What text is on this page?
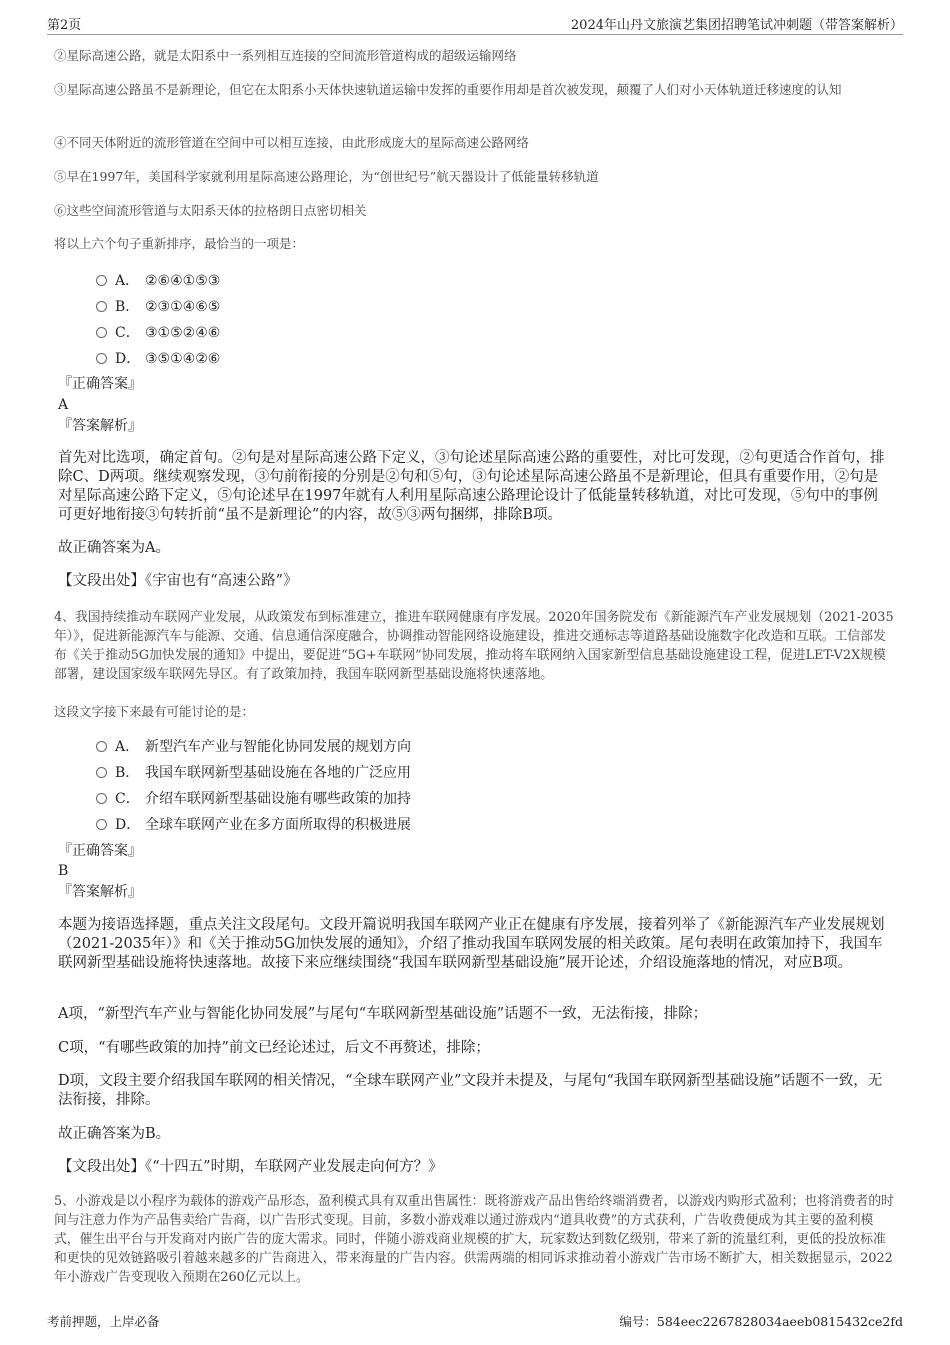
第2页	2024年山丹文旅演艺集团招聘笔试冲刺题（带答案解析）
②星际高速公路，就是太阳系中一系列相互连接的空间流形管道构成的超级运输网络
③星际高速公路虽不是新理论，但它在太阳系小天体快速轨道运输中发挥的重要作用却是首次被发现，颠覆了人们对小天体轨道迁移速度的认知
④不同天体附近的流形管道在空间中可以相互连接，由此形成庞大的星际高速公路网络
⑤早在1997年，美国科学家就利用星际高速公路理论，为“创世纪号”航天器设计了低能量转移轨道
⑥这些空间流形管道与太阳系天体的拉格朗日点密切相关
将以上六个句子重新排序，最恰当的一项是：
A． ②⑥④①⑤③
B． ②③①④⑥⑤
C． ③①⑤②④⑥
D． ③⑤①④②⑥
『正确答案』
A
『答案解析』
首先对比选项，确定首句。②句是对星际高速公路下定义，③句论述星际高速公路的重要性，对比可发现，②句更适合作首句，排除C、D两项。继续观察发现，③句前衔接的分别是②句和⑤句，③句论述星际高速公路虽不是新理论，但具有重要作用，②句是对星际高速公路下定义，⑤句论述早在1997年就有人利用星际高速公路理论设计了低能量转移轨道，对比可发现，⑤句中的事例可更好地衔接③句转折前“虽不是新理论”的内容，故⑤③两句捆绑，排除B项。
故正确答案为A。
【文段出处】《宇宙也有“高速公路”》
4、我国持续推动车联网产业发展，从政策发布到标准建立，推进车联网健康有序发展。2020年国务院发布《新能源汽车产业发展规划（2021-2035年）》，促进新能源汽车与能源、交通、信息通信深度融合，协调推动智能网络设施建设，推进交通标志等道路基础设施数字化改造和互联。工信部发布《关于推动5G加快发展的通知》中提出，要促进“5G+车联网”协同发展，推动将车联网纳入国家新型信息基础设施建设工程，促进LET-V2X规模部署，建设国家级车联网先导区。有了政策加持，我国车联网新型基础设施将快速落地。
这段文字接下来最有可能讨论的是：
A． 新型汽车产业与智能化协同发展的规划方向
B． 我国车联网新型基础设施在各地的广泛应用
C． 介绍车联网新型基础设施有哪些政策的加持
D． 全球车联网产业在多方面所取得的积极进展
『正确答案』
B
『答案解析』
本题为接语选择题，重点关注文段尾句。文段开篇说明我国车联网产业正在健康有序发展，接着列举了《新能源汽车产业发展规划（2021-2035年）》和《关于推动5G加快发展的通知》，介绍了推动我国车联网发展的相关政策。尾句表明在政策加持下，我国车联网新型基础设施将快速落地。故接下来应继续围绕“我国车联网新型基础设施”展开论述，介绍设施落地的情况，对应B项。
A项，“新型汽车产业与智能化协同发展”与尾句“车联网新型基础设施”话题不一致，无法衔接，排除；
C项，“有哪些政策的加持”前文已经论述过，后文不再赘述，排除；
D项，文段主要介绍我国车联网的相关情况，“全球车联网产业”文段并未提及，与尾句“我国车联网新型基础设施”话题不一致，无法衔接，排除。
故正确答案为B。
【文段出处】《“十四五”时期，车联网产业发展走向何方？》
5、小游戏是以小程序为载体的游戏产品形态，盈利模式具有双重出售属性：既将游戏产品出售给终端消费者，以游戏内购形式盈利；也将消费者的时间与注意力作为产品售卖给广告商，以广告形式变现。目前，多数小游戏难以通过游戏内“道具收费”的方式获利，广告收费便成为其主要的盈利模式，催生出平台与开发商对内嵌广告的庞大需求。同时，伴随小游戏商业规模的扩大，玩家数达到数亿级别，带来了新的流量红利，更低的投放标准和更快的见效链路吸引着越来越多的广告商进入，带来海量的广告内容。供需两端的相同诉求推动着小游戏广告市场不断扩大，相关数据显示，2022年小游戏广告变现收入预期在260亿元以上。
考前押题，上岸必备	编号：584eec2267828034aeeb0815432ce2fd
